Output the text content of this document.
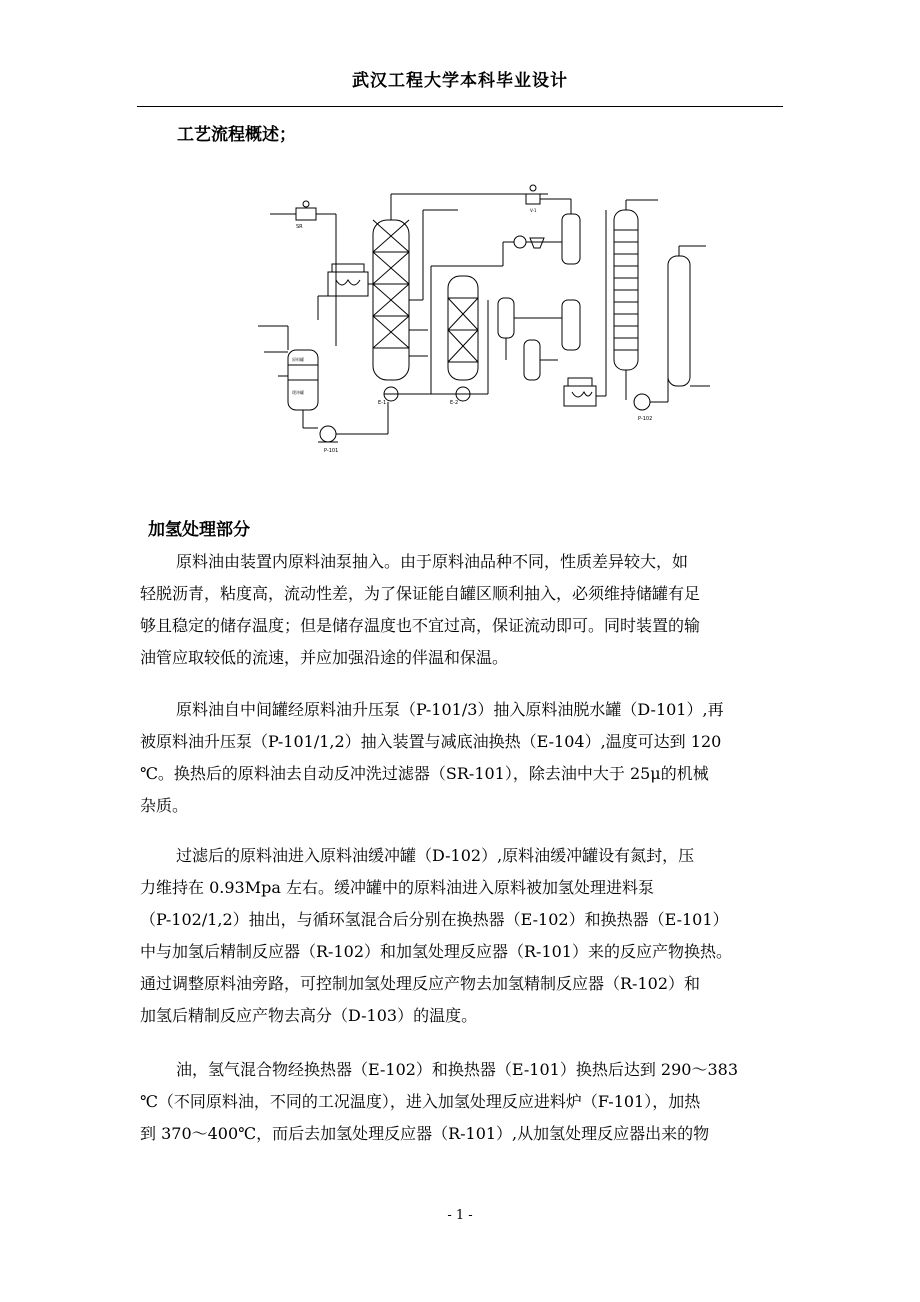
武汉工程大学本科毕业设计
工艺流程概述；
SR
原料罐
缓冲罐
P-101
E-1	E-2
V-1
P-102
加氢处理部分
原料油由装置内原料油泵抽入。由于原料油品种不同，性质差异较大，如
轻脱沥青，粘度高，流动性差，为了保证能自罐区顺利抽入，必须维持储罐有足
够且稳定的储存温度；但是储存温度也不宜过高，保证流动即可。同时装置的输
油管应取较低的流速，并应加强沿途的伴温和保温。
原料油自中间罐经原料油升压泵（P-101/3）抽入原料油脱水罐（D-101）,再
被原料油升压泵（P-101/1,2）抽入装置与减底油换热（E-104）,温度可达到 120
℃。换热后的原料油去自动反冲洗过滤器（SR-101），除去油中大于 25μ的机械
杂质。
过滤后的原料油进入原料油缓冲罐（D-102）,原料油缓冲罐设有氮封，压
力维持在 0.93Mpa 左右。缓冲罐中的原料油进入原料被加氢处理进料泵
（P-102/1,2）抽出，与循环氢混合后分别在换热器（E-102）和换热器（E-101）
中与加氢后精制反应器（R-102）和加氢处理反应器（R-101）来的反应产物换热。
通过调整原料油旁路，可控制加氢处理反应产物去加氢精制反应器（R-102）和
加氢后精制反应产物去高分（D-103）的温度。
油，氢气混合物经换热器（E-102）和换热器（E-101）换热后达到 290～383
℃（不同原料油，不同的工况温度），进入加氢处理反应进料炉（F-101），加热
到 370～400℃，而后去加氢处理反应器（R-101）,从加氢处理反应器出来的物
- 1 -
